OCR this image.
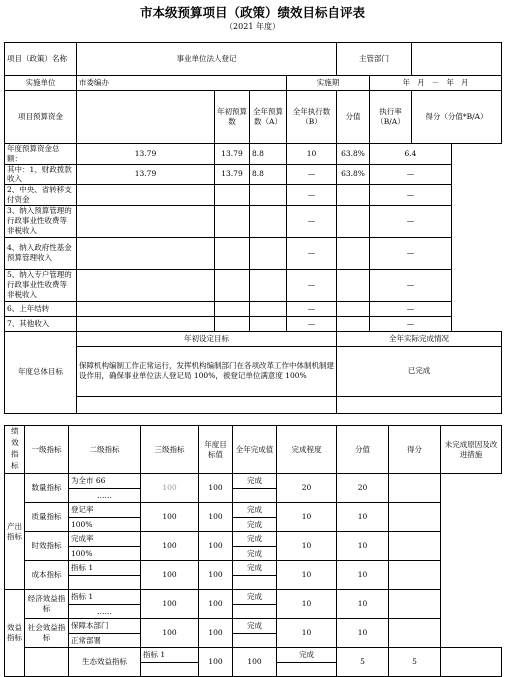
市本级预算项目（政策）绩效目标自评表
（2021 年度）
项目（政策）名称	事业单位法人登记				主管部门		
实施单位	市委编办			实施期		年   月   －   年   月	
项目预算资金		年初预算数	全年预算数（A）	全年执行数（B）	分值	执行率（B/A）	得分（分值*B/A）
年度预算资金总额：	13.79	13.79	8.8	10	63.8%	6.4	
其中：1、财政拨款收入	13.79	13.79	8.8	—	63.8%	—	
2、中央、省转移支付资金				—		—	
3、纳入预算管理的行政事业性收费等非税收入				—		—	
4、纳入政府性基金预算管理收入				—		—	
5、纳入专户管理的行政事业性收费等非税收入				—		—	
6、上年结转				—		—	
7、其他收入				—		—	
年度总体目标	年初设定目标				全年实际完成情况		
	保障机构编制工作正常运行，发挥机构编制部门在各项改革工作中体制机制建设作用，确保事业单位法人登记局 100%，被登记单位满意度 100%				已完成		

绩效指标	一级指标	二级指标	三级指标	年度目标值	全年完成值	完成程度	分值	得分	未完成原因及改进措施
产出指标	数量指标	为全市 66	100	100	完成	20	20		
		……							
	质量指标	登记率	100	100	完成	10	10		
		100%			完成				
	时效指标	完成率	100	100	完成	10	10		
		100%			完成				
	成本指标	指标 1	100	100	完成	10	10		

效益指标	经济效益指标	指标 1	100	100	完成	10	10		
		……							
	社会效益指标	保障本部门	100	100	完成	10	10		
		正常部署							
		生态效益指标	指标 1	100	100	完成	5	5	
